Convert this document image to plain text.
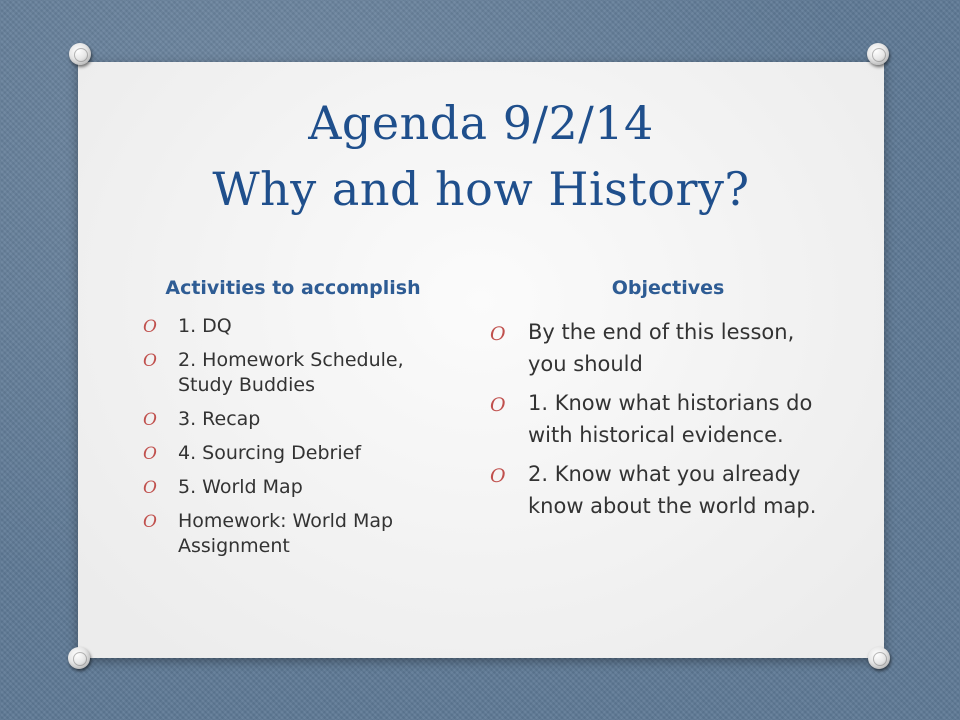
Agenda 9/2/14
Why and how History?
Activities to accomplish	Objectives
O 1. DQ
O 2. Homework Schedule, Study Buddies
O 3. Recap
O 4. Sourcing Debrief
O 5. World Map
O Homework: World Map Assignment
O By the end of this lesson, you should
O 1. Know what historians do with historical evidence.
O 2. Know what you already know about the world map.
